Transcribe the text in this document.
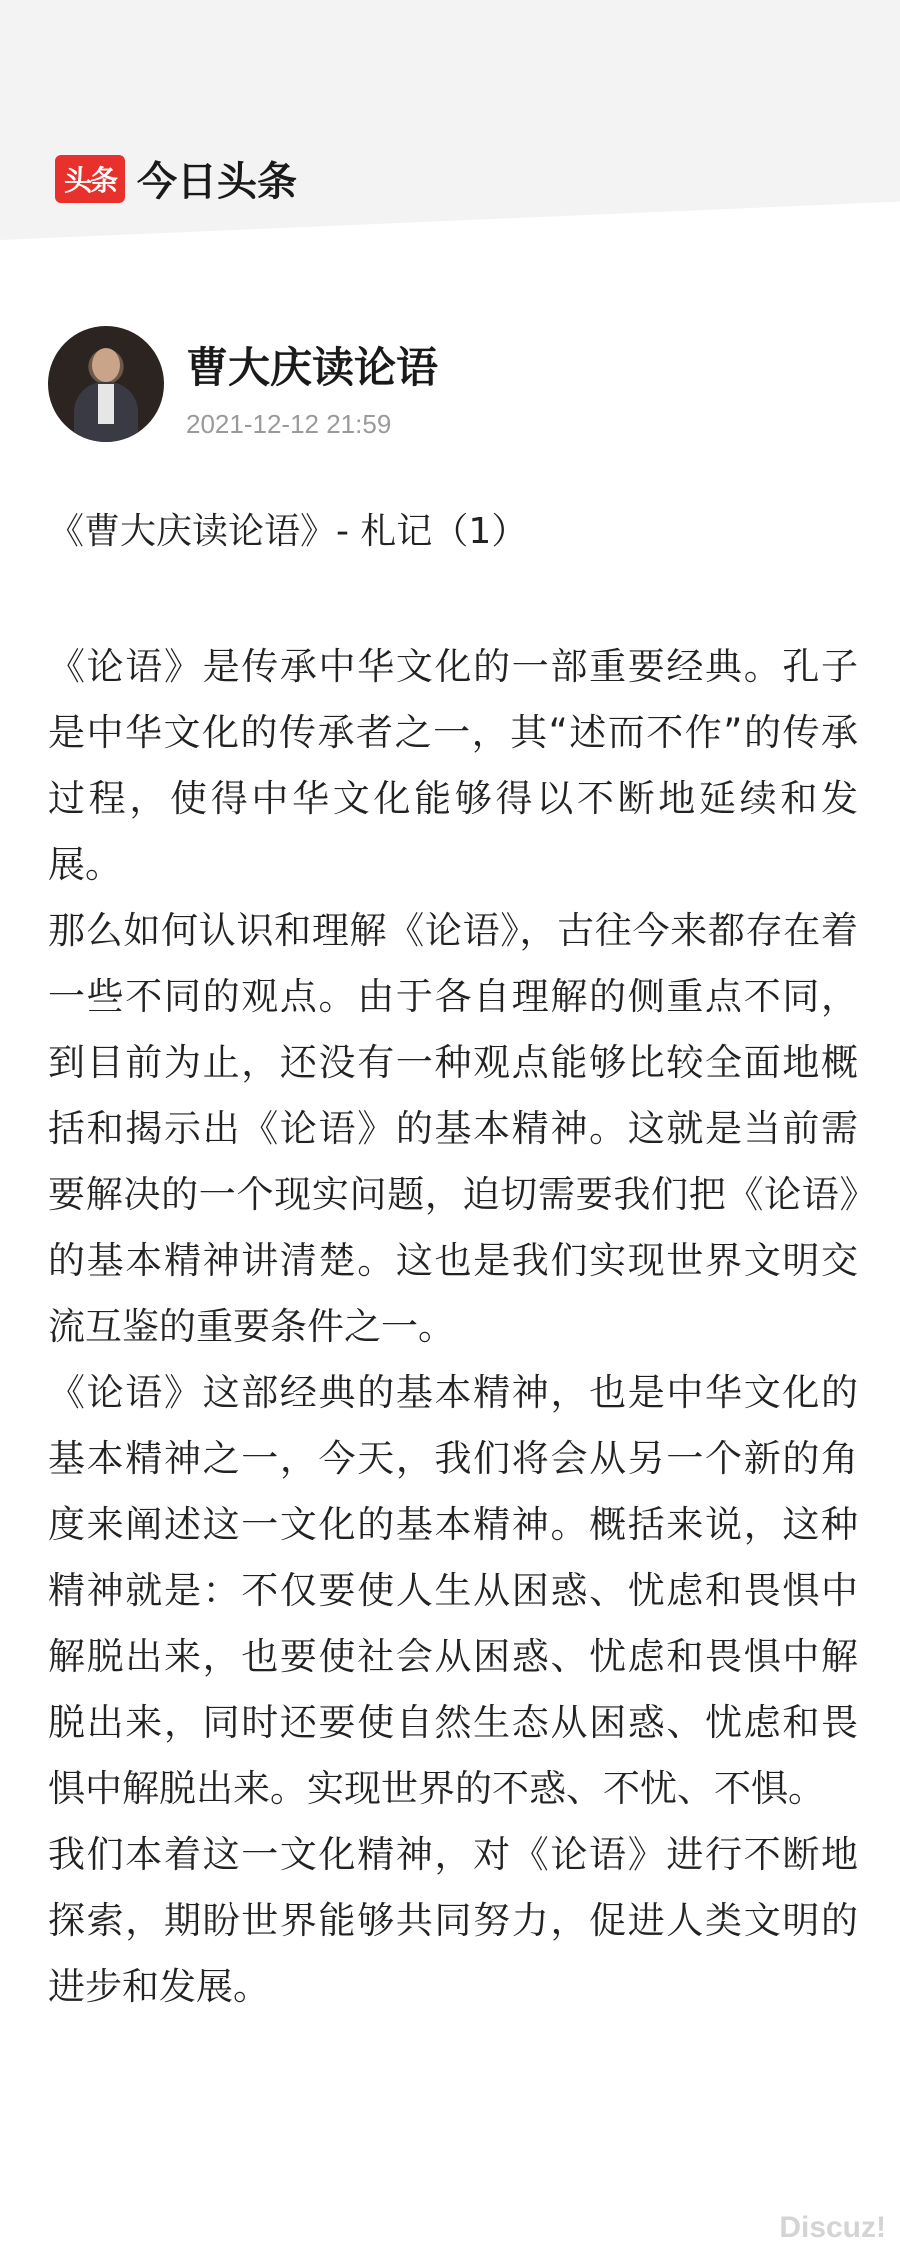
头条 今日头条
曹大庆读论语
2021-12-12 21:59
《曹大庆读论语》- 札记（1）

《论语》是传承中华文化的一部重要经典。孔子是中华文化的传承者之一，其“述而不作”的传承过程，使得中华文化能够得以不断地延续和发展。

那么如何认识和理解《论语》，古往今来都存在着一些不同的观点。由于各自理解的侧重点不同，到目前为止，还没有一种观点能够比较全面地概括和揭示出《论语》的基本精神。这就是当前需要解决的一个现实问题，迫切需要我们把《论语》的基本精神讲清楚。这也是我们实现世界文明交流互鉴的重要条件之一。

《论语》这部经典的基本精神，也是中华文化的基本精神之一，今天，我们将会从另一个新的角度来阐述这一文化的基本精神。概括来说，这种精神就是：不仅要使人生从困惑、忧虑和畏惧中解脱出来，也要使社会从困惑、忧虑和畏惧中解脱出来，同时还要使自然生态从困惑、忧虑和畏惧中解脱出来。实现世界的不惑、不忧、不惧。

我们本着这一文化精神，对《论语》进行不断地探索，期盼世界能够共同努力，促进人类文明的进步和发展。

Discuz!
